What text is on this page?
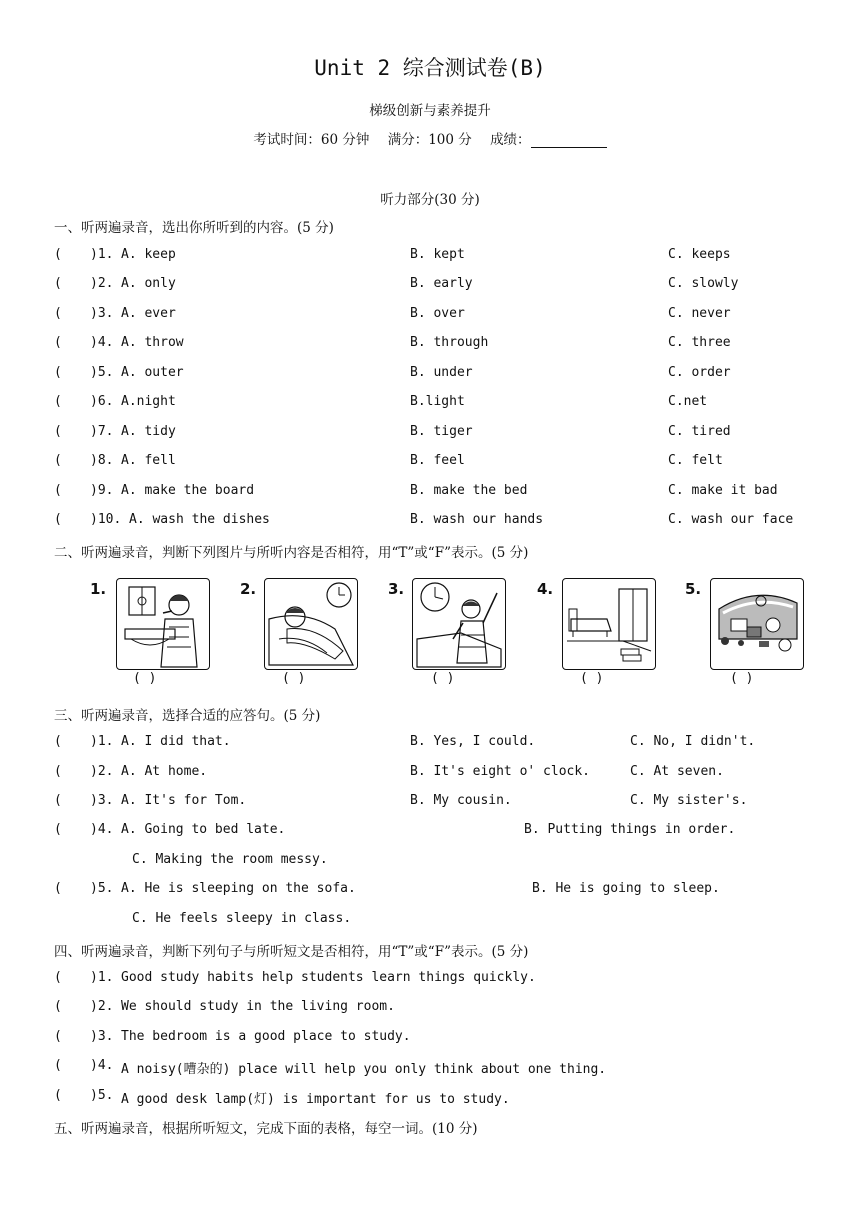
Unit 2 综合测试卷(B)
梯级创新与素养提升
考试时间：60 分钟 满分：100 分 成绩：
听力部分(30 分)
一、听两遍录音，选出你所听到的内容。(5 分)
( )1. A. keep	B. kept	C. keeps
( )2. A. only	B. early	C. slowly
( )3. A. ever	B. over	C. never
( )4. A. throw	B. through	C. three
( )5. A. outer	B. under	C. order
( )6. A.night	B.light	C.net
( )7. A. tidy	B. tiger	C. tired
( )8. A. fell	B. feel	C. felt
( )9. A. make the board	B. make the bed	C. make it bad
( )10. A. wash the dishes	B. wash our hands	C. wash our face
二、听两遍录音，判断下列图片与所听内容是否相符，用“T”或“F”表示。(5 分)
1.
( )
2.
( )
3.
( )
4.
( )
5.
( )
三、听两遍录音，选择合适的应答句。(5 分)
( )1. A. I did that.	B. Yes, I could.	C. No, I didn't.
( )2. A. At home.	B. It's eight o' clock.	C. At seven.
( )3. A. It's for Tom.	B. My cousin.	C. My sister's.
( )4. A. Going to bed late.	B. Putting things in order.
C. Making the room messy.
( )5. A. He is sleeping on the sofa.	B. He is going to sleep.
C. He feels sleepy in class.
四、听两遍录音，判断下列句子与所听短文是否相符，用“T”或“F”表示。(5 分)
( )1. Good study habits help students learn things quickly.
( )2. We should study in the living room.
( )3. The bedroom is a good place to study.
( )4. A noisy(嘈杂的) place will help you only think about one thing.
( )5. A good desk lamp(灯) is important for us to study.
五、听两遍录音，根据所听短文，完成下面的表格，每空一词。(10 分)
